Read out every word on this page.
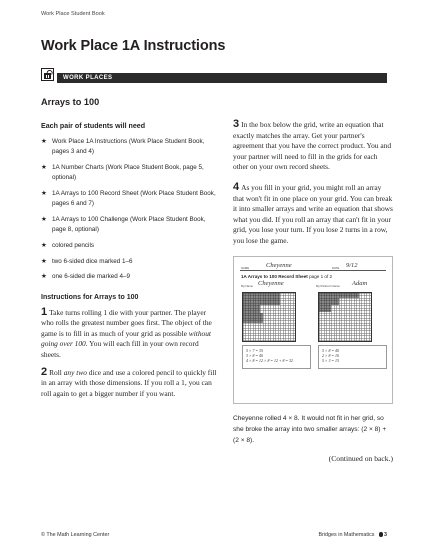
Work Place Student Book
Work Place 1A Instructions
WORK PLACES
Arrays to 100
Each pair of students will need
★ Work Place 1A Instructions (Work Place Student Book, pages 3 and 4)
★ 1A Number Charts (Work Place Student Book, page 5, optional)
★ 1A Arrays to 100 Record Sheet (Work Place Student Book, pages 6 and 7)
★ 1A Arrays to 100 Challenge (Work Place Student Book, page 8, optional)
★ colored pencils
★ two 6-sided dice marked 1–6
★ one 6-sided die marked 4–9
Instructions for Arrays to 100

1 Take turns rolling 1 die with your partner. The player who rolls the greatest number goes first. The object of the game is to fill in as much of your grid as possible without going over 100. You will each fill in your own record sheets.

2 Roll any two dice and use a colored pencil to quickly fill in an array with those dimensions. If you roll a 1, you can roll again to get a bigger number if you want.

3 In the box below the grid, write an equation that exactly matches the array. Get your partner's agreement that you have the correct product. You and your partner will need to fill in the grids for each other on your own record sheets.

4 As you fill in your grid, you might roll an array that won't fit in one place on your grid. You can break it into smaller arrays and write an equation that shows what you did. If you roll an array that can't fit in your grid, you lose your turn. If you lose 2 turns in a row, you lose the game.

NAME	Cheyenne	DATE 9/12
1A Arrays to 100 Record Sheet page 1 of 2
My Name Cheyenne	My Partner's Name Adam
5 × 7 = 35
3 × 8 = 40
4 × 8 = 12 × 8 = 12 + 8 = 32
5 × 8 = 40
2 × 8 = 16
5 × 3 = 15

Cheyenne rolled 4 × 8. It would not fit in her grid, so she broke the array into two smaller arrays: (2 × 8) + (2 × 8).

(Continued on back.)

© The Math Learning Center	Bridges in Mathematics 3
